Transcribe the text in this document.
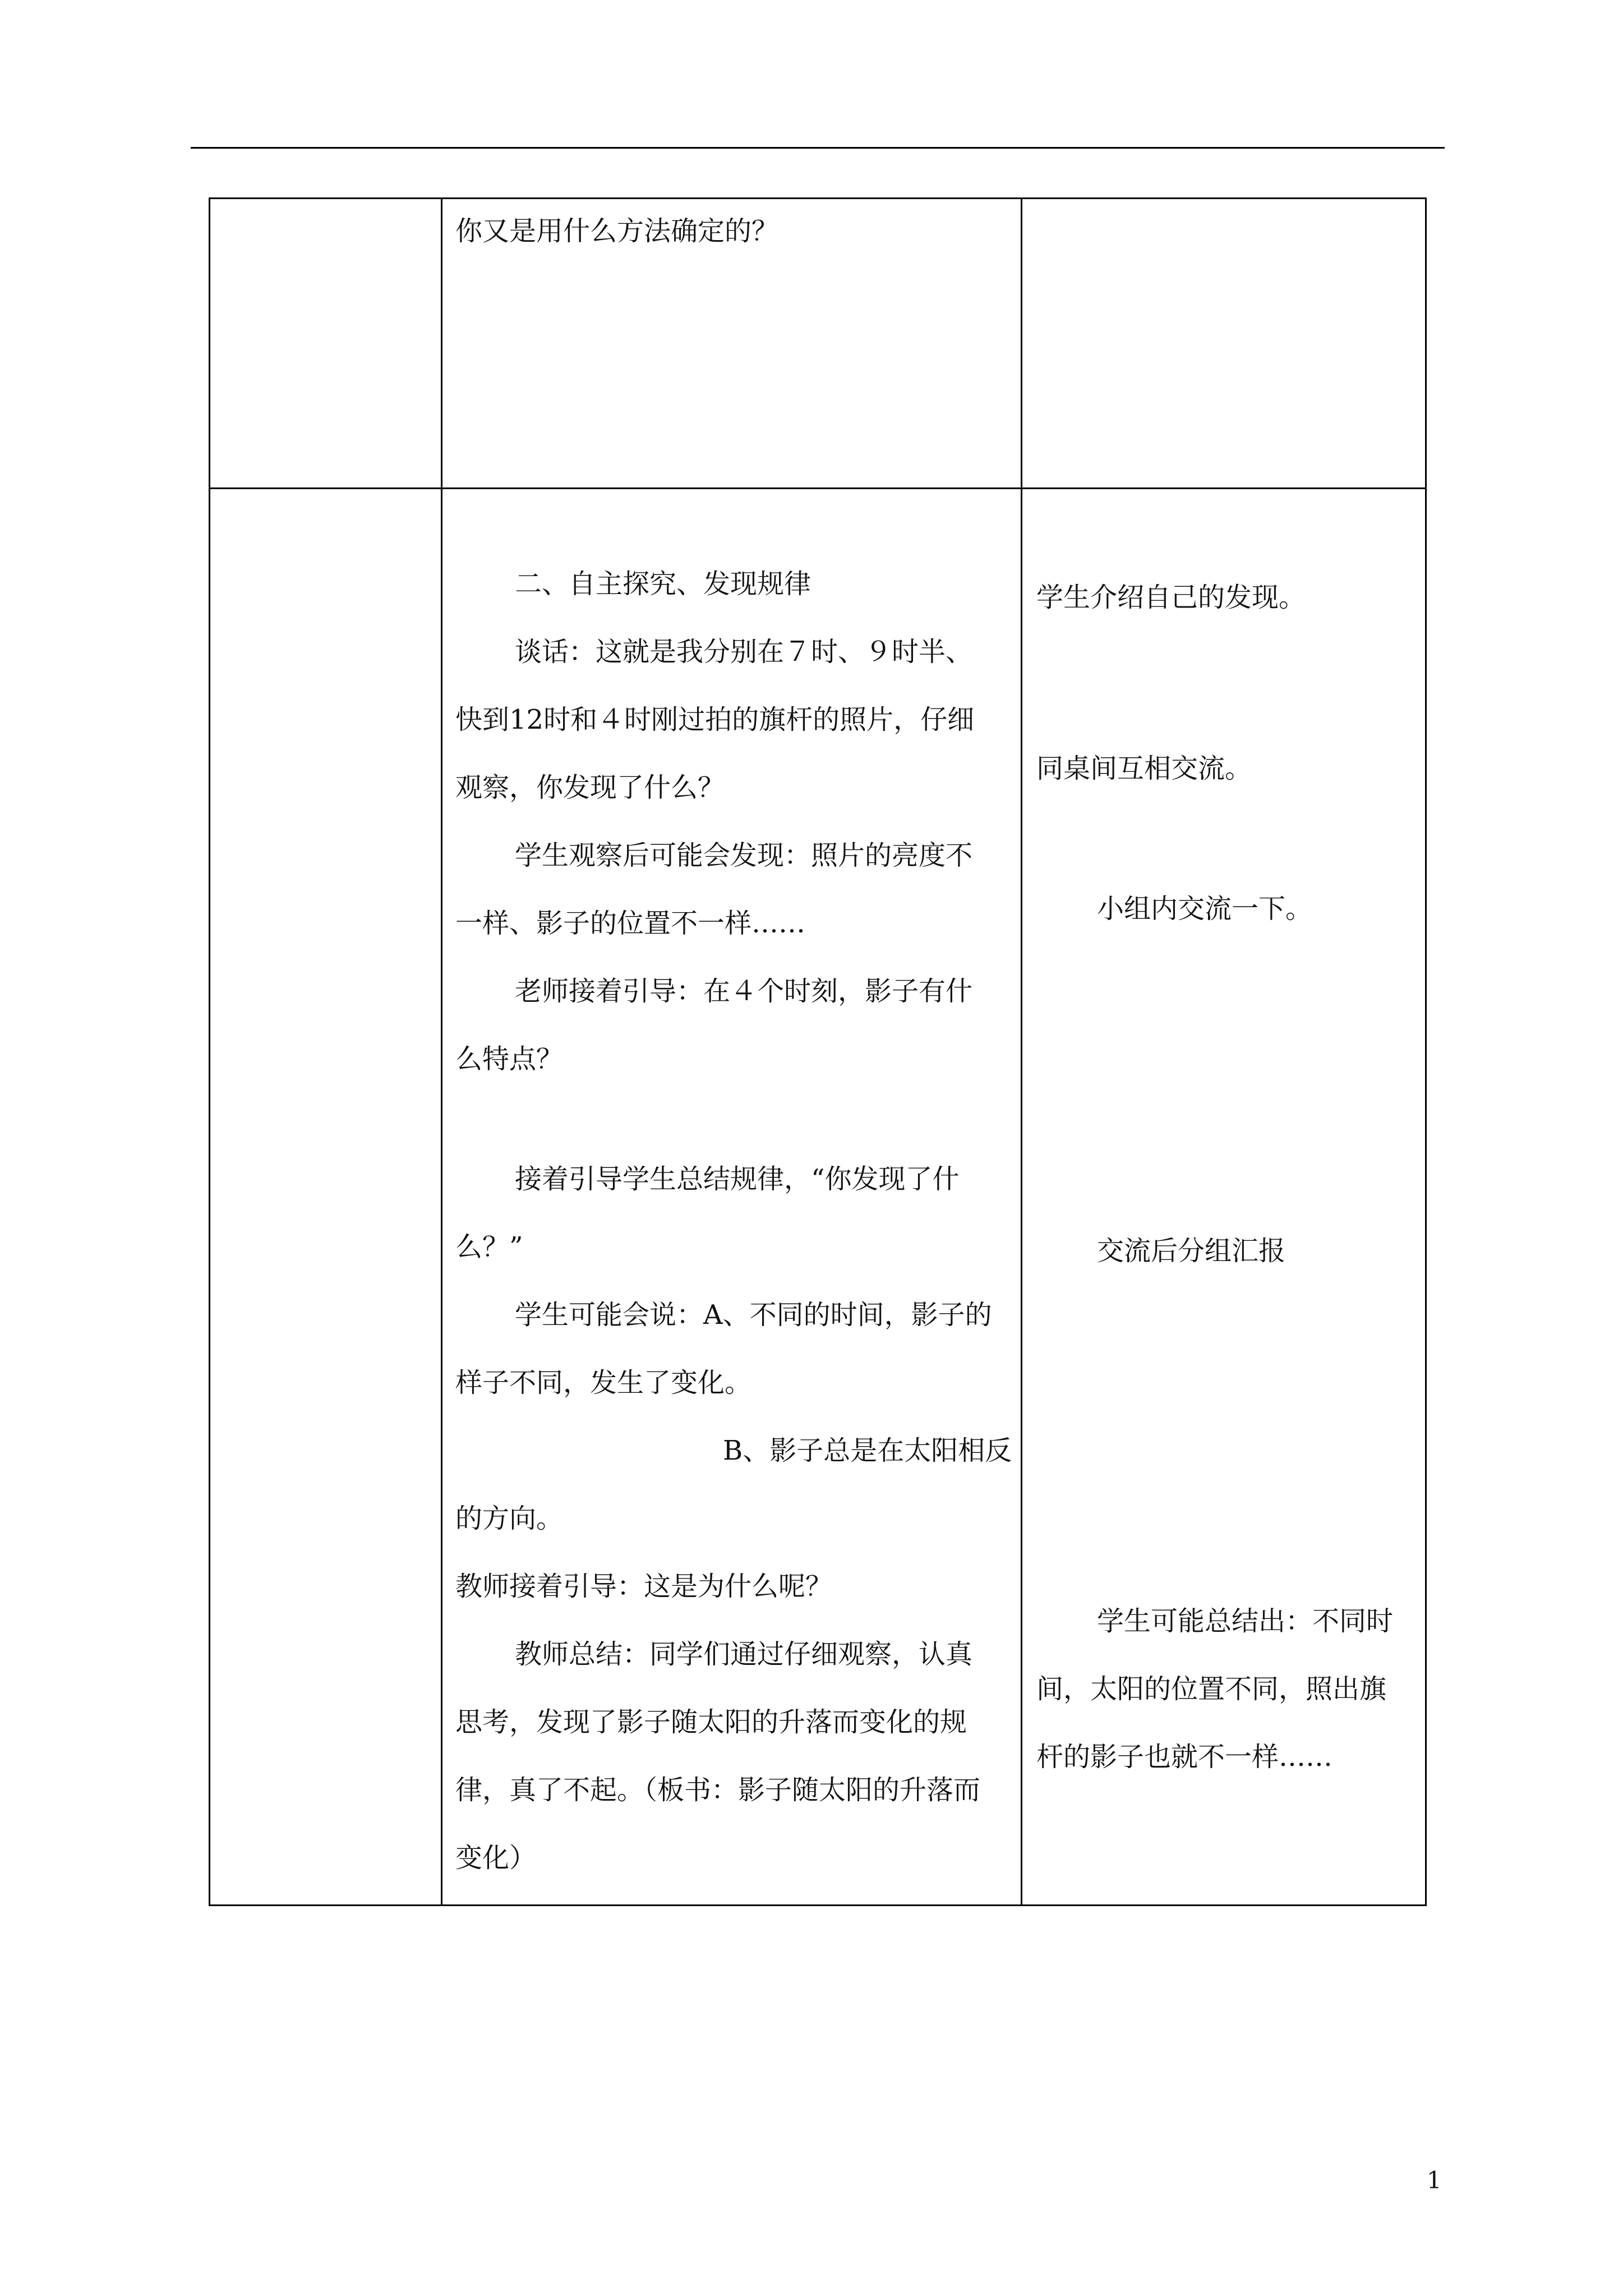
你又是用什么方法确定的？
二、自主探究、发现规律
谈话：这就是我分别在７时、９时半、
快到12时和４时刚过拍的旗杆的照片，仔细
观察，你发现了什么？
学生观察后可能会发现：照片的亮度不
一样、影子的位置不一样……
老师接着引导：在４个时刻，影子有什
么特点？
接着引导学生总结规律，“你发现了什
么？”
学生可能会说：A、不同的时间，影子的
样子不同，发生了变化。
B、影子总是在太阳相反
的方向。
教师接着引导：这是为什么呢？
教师总结：同学们通过仔细观察，认真
思考，发现了影子随太阳的升落而变化的规
律，真了不起。（板书：影子随太阳的升落而
变化）
学生介绍自己的发现。
同桌间互相交流。
小组内交流一下。
交流后分组汇报
学生可能总结出：不同时
间，太阳的位置不同，照出旗
杆的影子也就不一样……
1
